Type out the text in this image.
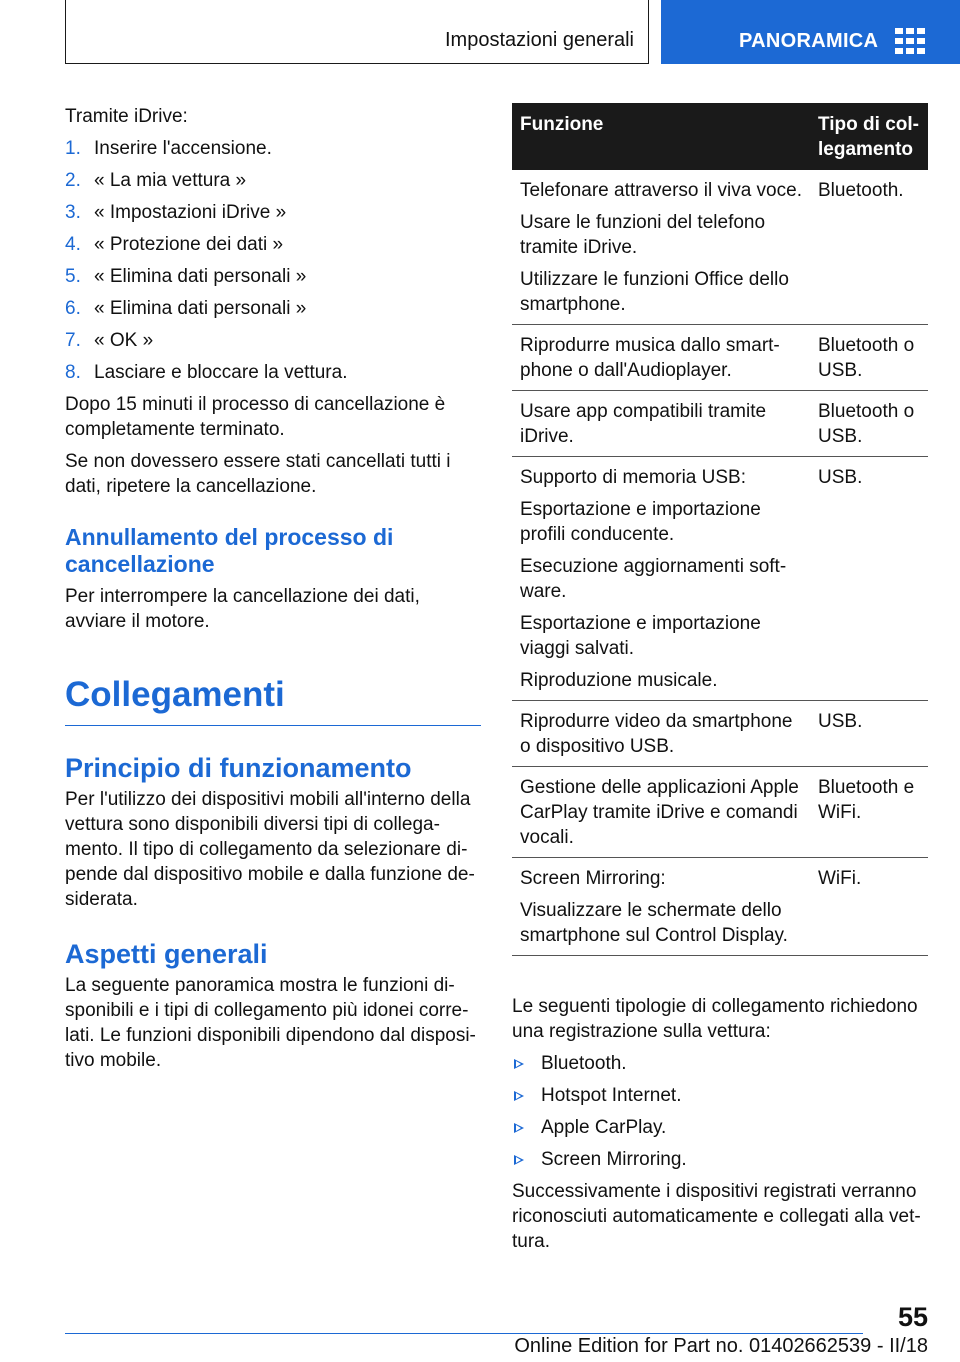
Impostazioni generali	PANORAMICA

Tramite iDrive:

1. Inserire l'accensione.
2. « La mia vettura »
3. « Impostazioni iDrive »
4. « Protezione dei dati »
5. « Elimina dati personali »
6. « Elimina dati personali »
7. « OK »
8. Lasciare e bloccare la vettura.

Dopo 15 minuti il processo di cancellazione è completamente terminato.

Se non dovessero essere stati cancellati tutti i dati, ripetere la cancellazione.

Annullamento del processo di cancellazione

Per interrompere la cancellazione dei dati, avviare il motore.

Collegamenti
Principio di funzionamento

Per l'utilizzo dei dispositivi mobili all'interno della vettura sono disponibili diversi tipi di collega-mento. Il tipo di collegamento da selezionare di-pende dal dispositivo mobile e dalla funzione de-siderata.

Aspetti generali

La seguente panoramica mostra le funzioni di-sponibili e i tipi di collegamento più idonei corre-lati. Le funzioni disponibili dipendono dal disposi-tivo mobile.

Funzione	Tipo di col-legamento

Telefonare attraverso il viva voce.
Usare le funzioni del telefono tramite iDrive.
Utilizzare le funzioni Office dello smartphone.	Bluetooth.

Riprodurre musica dallo smart-phone o dall'Audioplayer.	Bluetooth o USB.

Usare app compatibili tramite iDrive.	Bluetooth o USB.

Supporto di memoria USB:
Esportazione e importazione profili conducente.
Esecuzione aggiornamenti soft-ware.
Esportazione e importazione viaggi salvati.
Riproduzione musicale.	USB.

Riprodurre video da smartphone o dispositivo USB.	USB.

Gestione delle applicazioni Apple CarPlay tramite iDrive e comandi vocali.	Bluetooth e WiFi.

Screen Mirroring:
Visualizzare le schermate dello smartphone sul Control Display.	WiFi.

Le seguenti tipologie di collegamento richiedono una registrazione sulla vettura:

Bluetooth.
Hotspot Internet.
Apple CarPlay.
Screen Mirroring.

Successivamente i dispositivi registrati verranno riconosciuti automaticamente e collegati alla vet-tura.

55
Online Edition for Part no. 01402662539 - II/18
